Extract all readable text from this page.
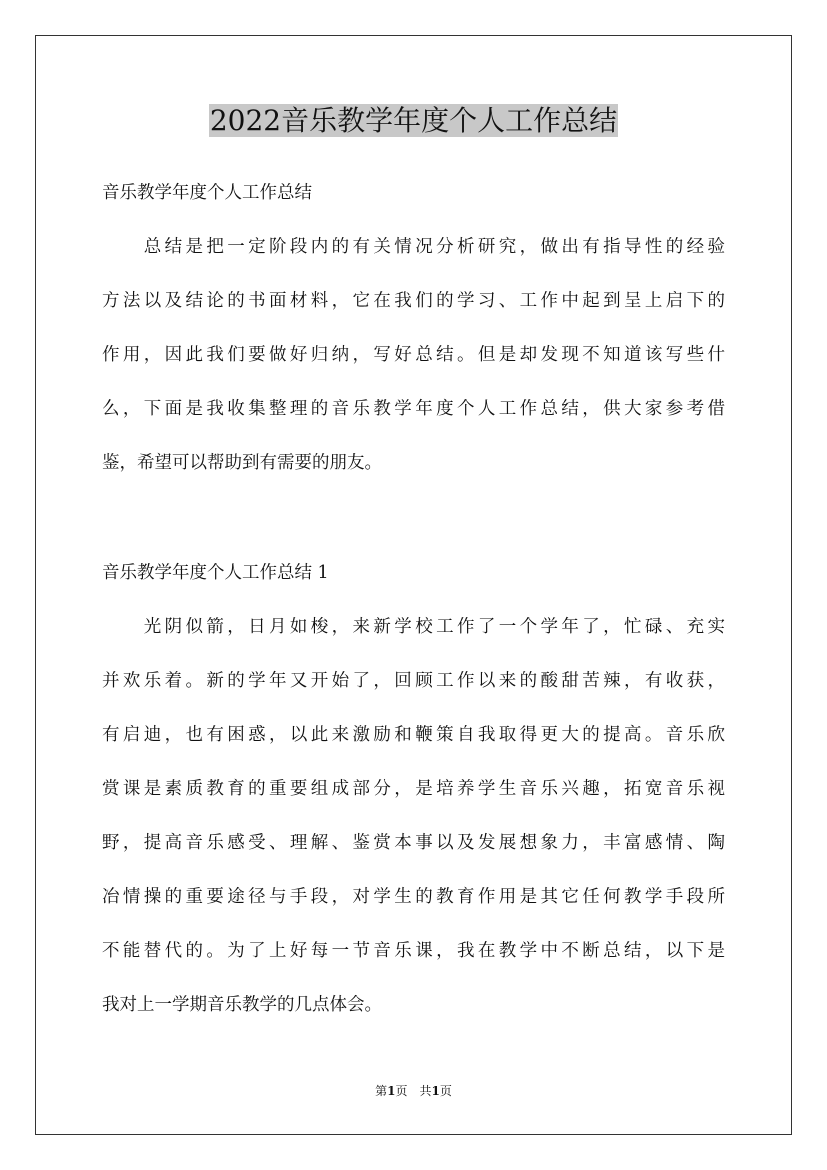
2022音乐教学年度个人工作总结

音乐教学年度个人工作总结

　　总结是把一定阶段内的有关情况分析研究，做出有指导性的经验

方法以及结论的书面材料，它在我们的学习、工作中起到呈上启下的

作用，因此我们要做好归纳，写好总结。但是却发现不知道该写些什

么，下面是我收集整理的音乐教学年度个人工作总结，供大家参考借

鉴，希望可以帮助到有需要的朋友。

音乐教学年度个人工作总结 1

　　光阴似箭，日月如梭，来新学校工作了一个学年了，忙碌、充实

并欢乐着。新的学年又开始了，回顾工作以来的酸甜苦辣，有收获，

有启迪，也有困惑，以此来激励和鞭策自我取得更大的提高。音乐欣

赏课是素质教育的重要组成部分，是培养学生音乐兴趣，拓宽音乐视

野，提高音乐感受、理解、鉴赏本事以及发展想象力，丰富感情、陶

冶情操的重要途径与手段，对学生的教育作用是其它任何教学手段所

不能替代的。为了上好每一节音乐课，我在教学中不断总结，以下是

我对上一学期音乐教学的几点体会。

第1页　共1页
